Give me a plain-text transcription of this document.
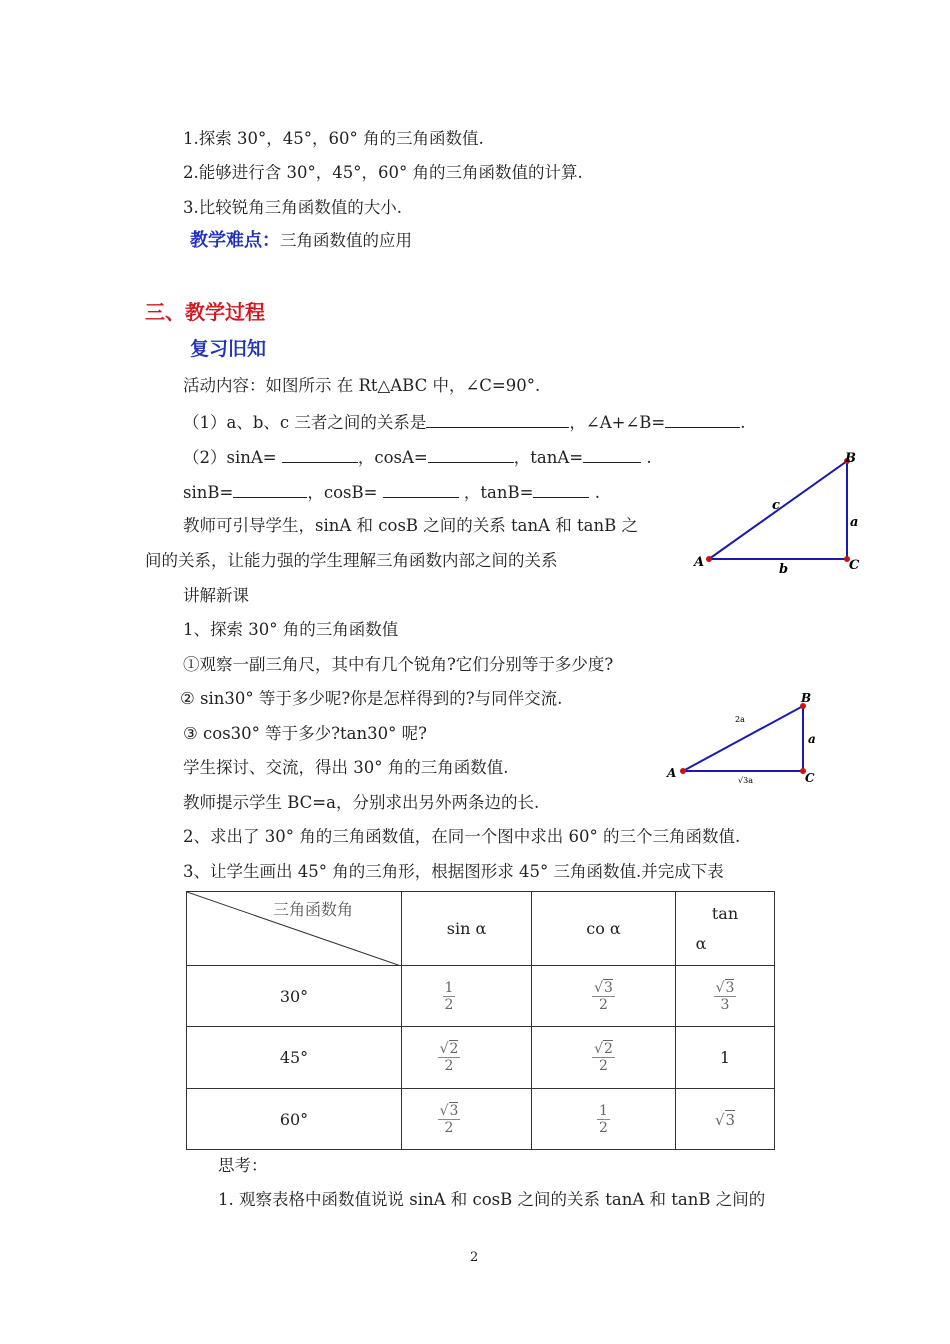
1.探索 30°，45°，60° 角的三角函数值.
2.能够进行含 30°，45°，60° 角的三角函数值的计算.
3.比较锐角三角函数值的大小.
教学难点：三角函数值的应用
三、教学过程
复习旧知
活动内容：如图所示 在 Rt△ABC 中，∠C=90°.
（1）a、b、c 三者之间的关系是	，∠A+∠B=	.
（2）sinA=	，cosA=	，tanA=	.
sinB=	，cosB=	，tanB=	.
教师可引导学生，sinA 和 cosB 之间的关系 tanA 和 tanB 之
间的关系，让能力强的学生理解三角函数内部之间的关系	A
B
C
a
b
c
讲解新课
1、探索 30° 角的三角函数值
①观察一副三角尺，其中有几个锐角?它们分别等于多少度?
② sin30° 等于多少呢?你是怎样得到的?与同伴交流.
③ cos30° 等于多少?tan30° 呢?
学生探讨、交流，得出 30° 角的三角函数值.
教师提示学生 BC=a，分别求出另外两条边的长.
A
B
C
a
2a
√3a
2、求出了 30° 角的三角函数值，在同一个图中求出 60° 的三个三角函数值.
3、让学生画出 45° 角的三角形，根据图形求 45° 三角函数值.并完成下表
三角函数角	sin α	co α	tan
α
30°	$\frac{1}{2}$	$\frac{√3}{2}$	$\frac{√3}{3}$

45°	$\frac{√2}{2}$	$\frac{√2}{2}$	1
60°	$\frac{√3}{2}$	$\frac{1}{2}$	√3
思考：
1. 观察表格中函数值说说 sinA 和 cosB 之间的关系 tanA 和 tanB 之间的
2
